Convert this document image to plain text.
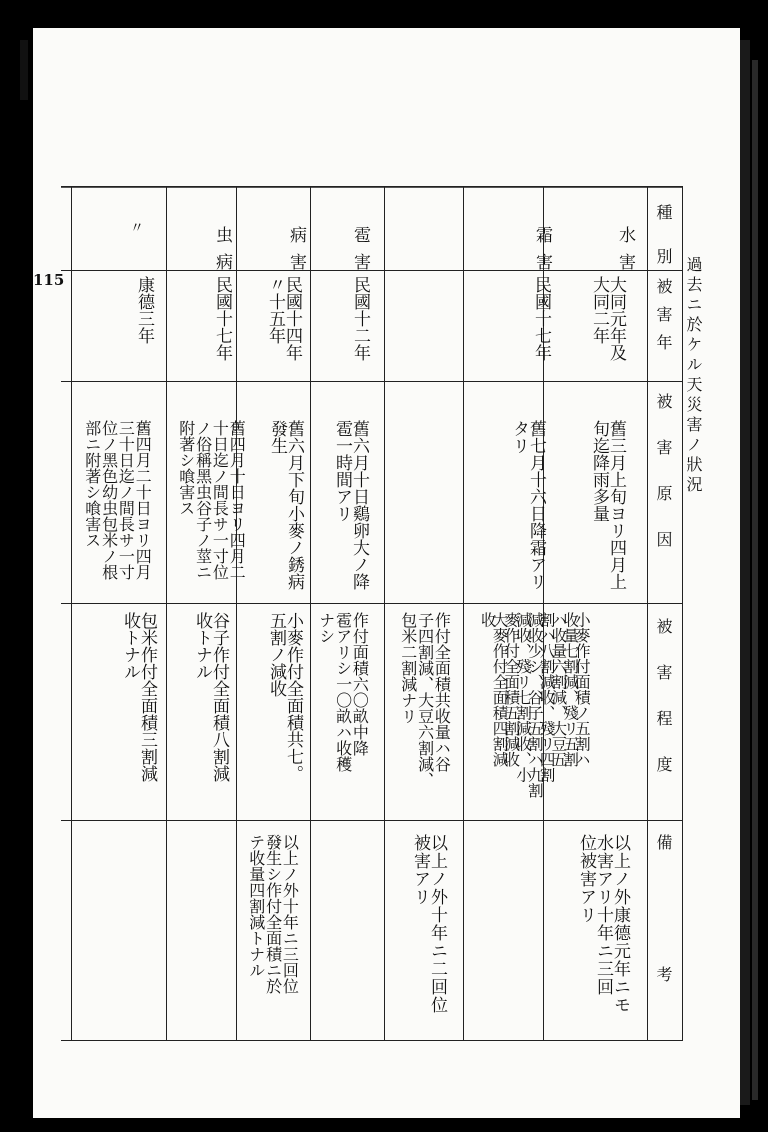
過去ニ於ケル天災害ノ狀況
115
種　別
被害年
被害原因
被害程度
備　　考
水害
大同元年及
大同二年
舊三月上旬ヨリ四月上
旬迄降雨多量
小麥作付面積ノ五割ハ
收量七割減、殘リ五割
ハ收量六割減、大豆五
割ハ八割減收、殘リ四割
減收少シ、谷子五割ハ九割
減收、殘リ七割減收、小
麥作付全面積五割減收
大麥作付全面積四割減
收
以上ノ外康德元年ニモ
水害アリ十年ニ三回
位被害アリ
霜害
民國十七年
舊七月十六日降霜アリ
タリ
作付全面積共收量ハ谷
子四割減、大豆六割減、
包米二割減ナリ
以上ノ外十年ニ二回位
被害アリ
雹害
民國十二年
舊六月十日鷄卵大ノ降
雹一時間アリ
作付面積六〇畝中降
雹アリシ一〇畝ハ收穫
ナシ
病害
民國十四年
〃十五年
舊六月下旬小麥ノ銹病
發生
小麥作付全面積共七。
五割ノ減收
以上ノ外十年ニ三回位
發生シ作付全面積ニ於
テ收量四割減トナル
虫病
民國十七年
舊四月十日ヨリ四月二
十日迄ノ間長サ一寸位
ノ俗稱黑虫谷子ノ莖ニ
附著シ喰害ス
谷子作付全面積八割減
收トナル
〃
康德三年
舊四月二十日ヨリ四月
三十日迄ノ間長サ一寸
位ノ黑色幼虫包米ノ根
部ニ附著シ喰害ス
包米作付全面積三割減
收トナル
